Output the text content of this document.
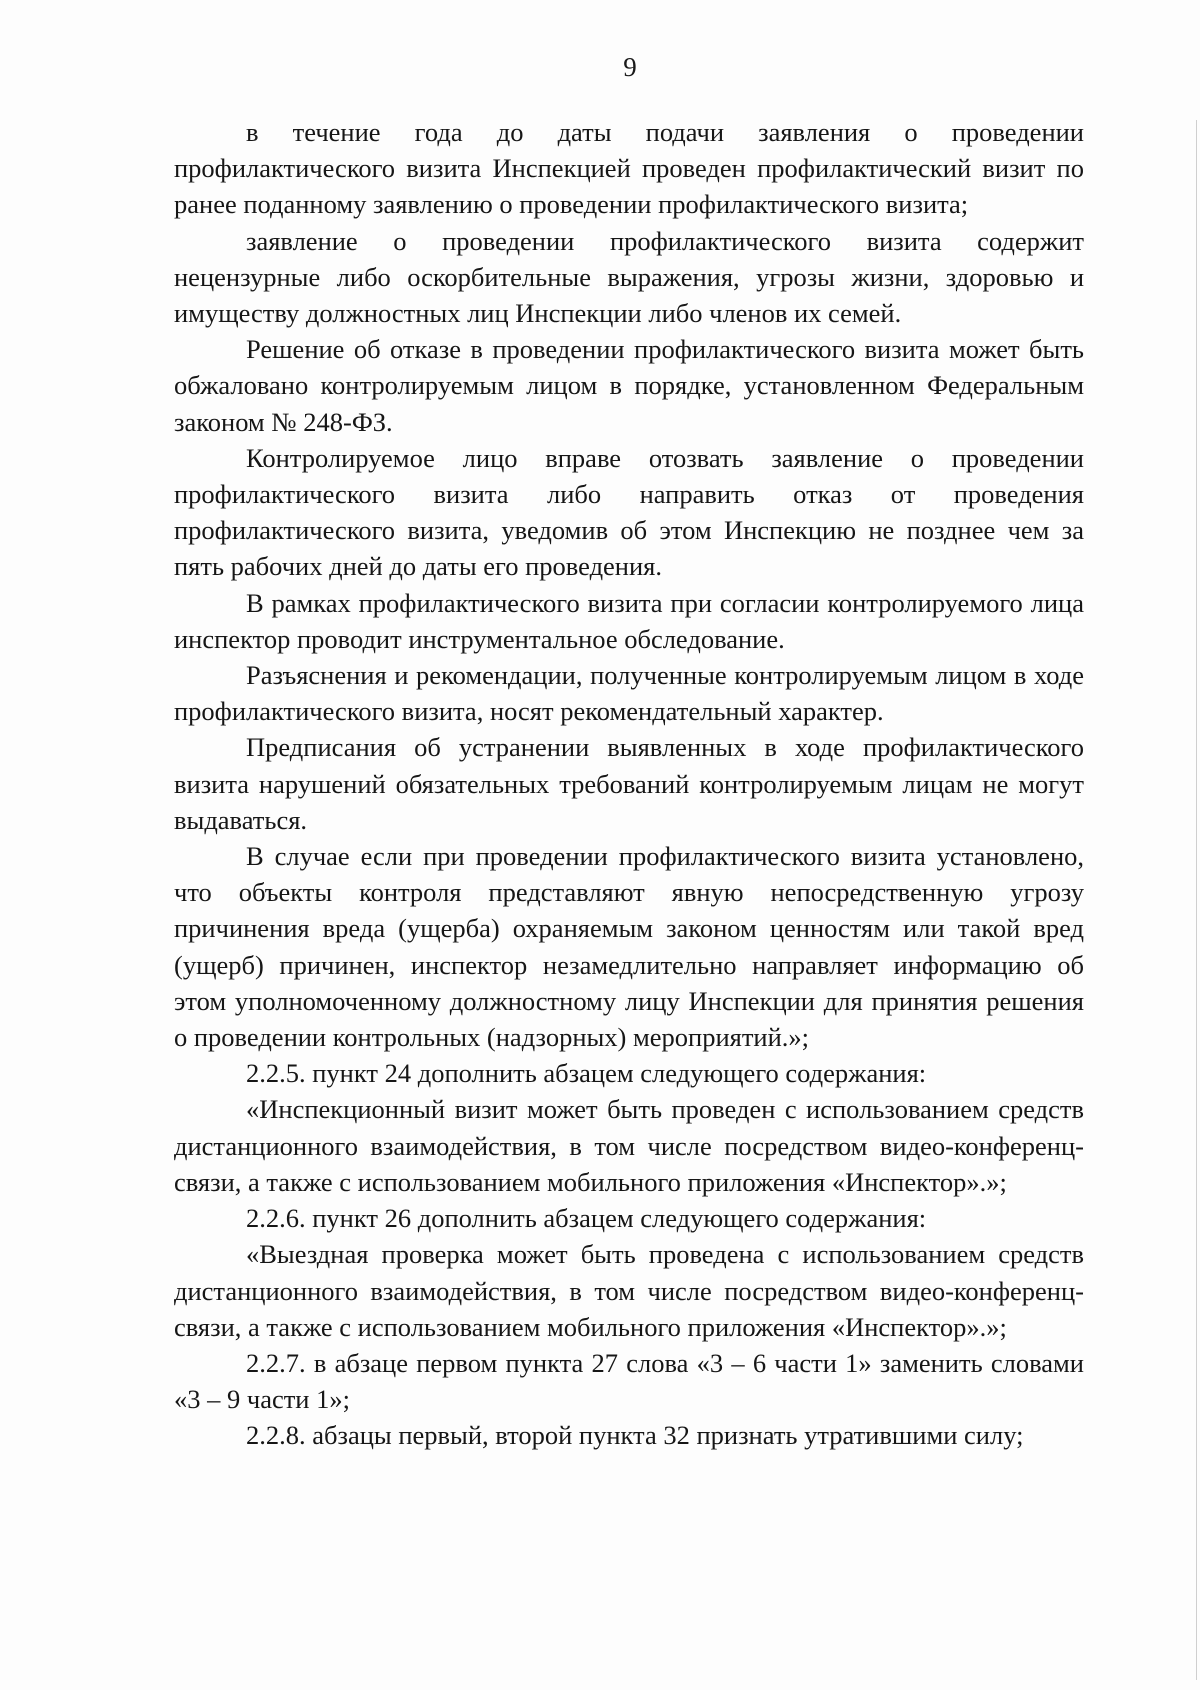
9

в течение года до даты подачи заявления о проведении профилактического визита Инспекцией проведен профилактический визит по ранее поданному заявлению о проведении профилактического визита;

заявление о проведении профилактического визита содержит нецензурные либо оскорбительные выражения, угрозы жизни, здоровью и имуществу должностных лиц Инспекции либо членов их семей.

Решение об отказе в проведении профилактического визита может быть обжаловано контролируемым лицом в порядке, установленном Федеральным законом № 248-ФЗ.

Контролируемое лицо вправе отозвать заявление о проведении профилактического визита либо направить отказ от проведения профилактического визита, уведомив об этом Инспекцию не позднее чем за пять рабочих дней до даты его проведения.

В рамках профилактического визита при согласии контролируемого лица инспектор проводит инструментальное обследование.

Разъяснения и рекомендации, полученные контролируемым лицом в ходе профилактического визита, носят рекомендательный характер.

Предписания об устранении выявленных в ходе профилактического визита нарушений обязательных требований контролируемым лицам не могут выдаваться.

В случае если при проведении профилактического визита установлено, что объекты контроля представляют явную непосредственную угрозу причинения вреда (ущерба) охраняемым законом ценностям или такой вред (ущерб) причинен, инспектор незамедлительно направляет информацию об этом уполномоченному должностному лицу Инспекции для принятия решения о проведении контрольных (надзорных) мероприятий.»;

2.2.5. пункт 24 дополнить абзацем следующего содержания:

«Инспекционный визит может быть проведен с использованием средств дистанционного взаимодействия, в том числе посредством видео-конференц-связи, а также с использованием мобильного приложения «Инспектор».»;

2.2.6. пункт 26 дополнить абзацем следующего содержания:

«Выездная проверка может быть проведена с использованием средств дистанционного взаимодействия, в том числе посредством видео-конференц-связи, а также с использованием мобильного приложения «Инспектор».»;

2.2.7. в абзаце первом пункта 27 слова «3 – 6 части 1» заменить словами «3 – 9 части 1»;

2.2.8. абзацы первый, второй пункта 32 признать утратившими силу;
